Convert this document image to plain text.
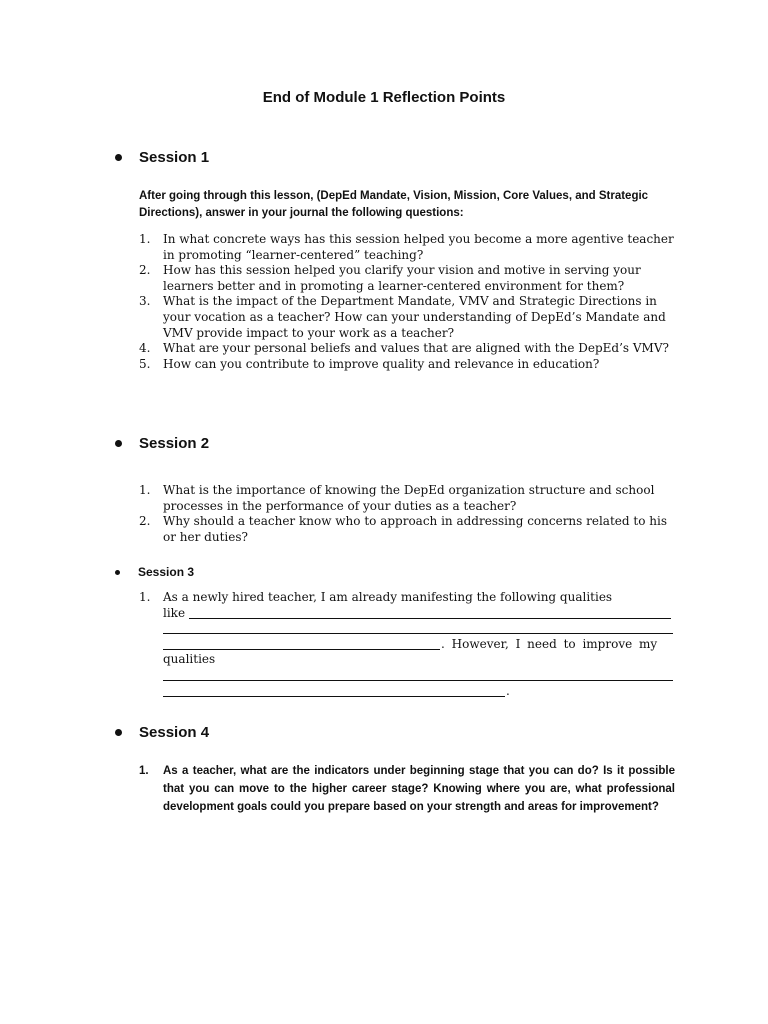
End of Module 1 Reflection Points
Session 1
After going through this lesson, (DepEd Mandate, Vision, Mission, Core Values, and Strategic Directions), answer in your journal the following questions:
1. In what concrete ways has this session helped you become a more agentive teacher in promoting “learner-centered” teaching?
2. How has this session helped you clarify your vision and motive in serving your learners better and in promoting a learner-centered environment for them?
3. What is the impact of the Department Mandate, VMV and Strategic Directions in your vocation as a teacher? How can your understanding of DepEd’s Mandate and VMV provide impact to your work as a teacher?
4. What are your personal beliefs and values that are aligned with the DepEd’s VMV?
5. How can you contribute to improve quality and relevance in education?
Session 2
1. What is the importance of knowing the DepEd organization structure and school processes in the performance of your duties as a teacher?
2. Why should a teacher know who to approach in addressing concerns related to his or her duties?
Session 3
1. As a newly hired teacher, I am already manifesting the following qualities
like
. However, I need to improve my
qualities
.
Session 4
1. As a teacher, what are the indicators under beginning stage that you can do? Is it possible that you can move to the higher career stage? Knowing where you are, what professional development goals could you prepare based on your strength and areas for improvement?
